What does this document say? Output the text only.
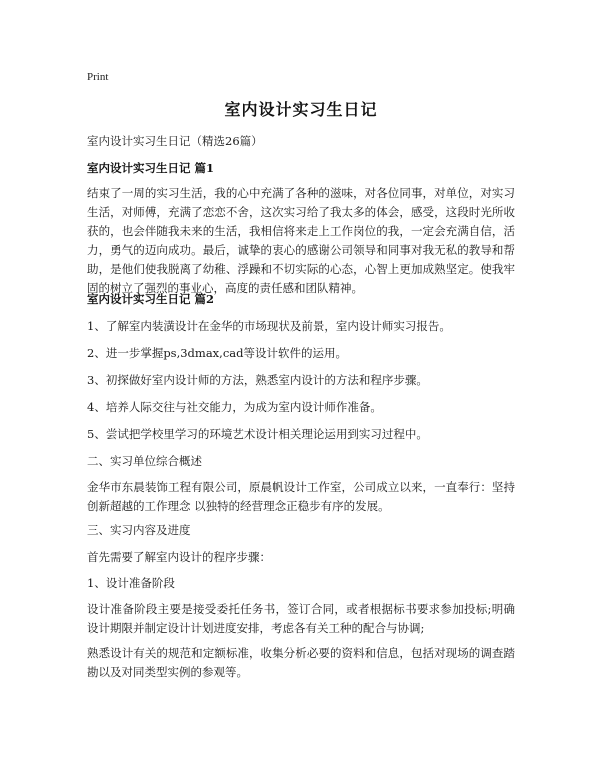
Print
室内设计实习生日记
室内设计实习生日记（精选26篇）
室内设计实习生日记 篇1

结束了一周的实习生活，我的心中充满了各种的滋味，对各位同事，对单位，对实习生活，对师傅，充满了恋恋不舍，这次实习给了我太多的体会，感受，这段时光所收获的，也会伴随我未来的生活，我相信将来走上工作岗位的我，一定会充满自信，活力，勇气的迈向成功。最后，诚挚的衷心的感谢公司领导和同事对我无私的教导和帮助，是他们使我脱离了幼稚、浮躁和不切实际的心态，心智上更加成熟坚定。使我牢固的树立了强烈的事业心，高度的责任感和团队精神。

室内设计实习生日记 篇2
1、了解室内装潢设计在金华的市场现状及前景，室内设计师实习报告。
2、进一步掌握ps,3dmax,cad等设计软件的运用。
3、初探做好室内设计师的方法，熟悉室内设计的方法和程序步骤。
4、培养人际交往与社交能力，为成为室内设计师作准备。
5、尝试把学校里学习的环境艺术设计相关理论运用到实习过程中。
二、实习单位综合概述

金华市东晨装饰工程有限公司，原晨帆设计工作室，公司成立以来，一直奉行：坚持创新超越的工作理念 以独特的经营理念正稳步有序的发展。

三、实习内容及进度
首先需要了解室内设计的程序步骤：
1、设计准备阶段

设计准备阶段主要是接受委托任务书，签订合同，或者根据标书要求参加投标;明确设计期限并制定设计计划进度安排，考虑各有关工种的配合与协调;

熟悉设计有关的规范和定额标准，收集分析必要的资料和信息，包括对现场的调查踏勘以及对同类型实例的参观等。
